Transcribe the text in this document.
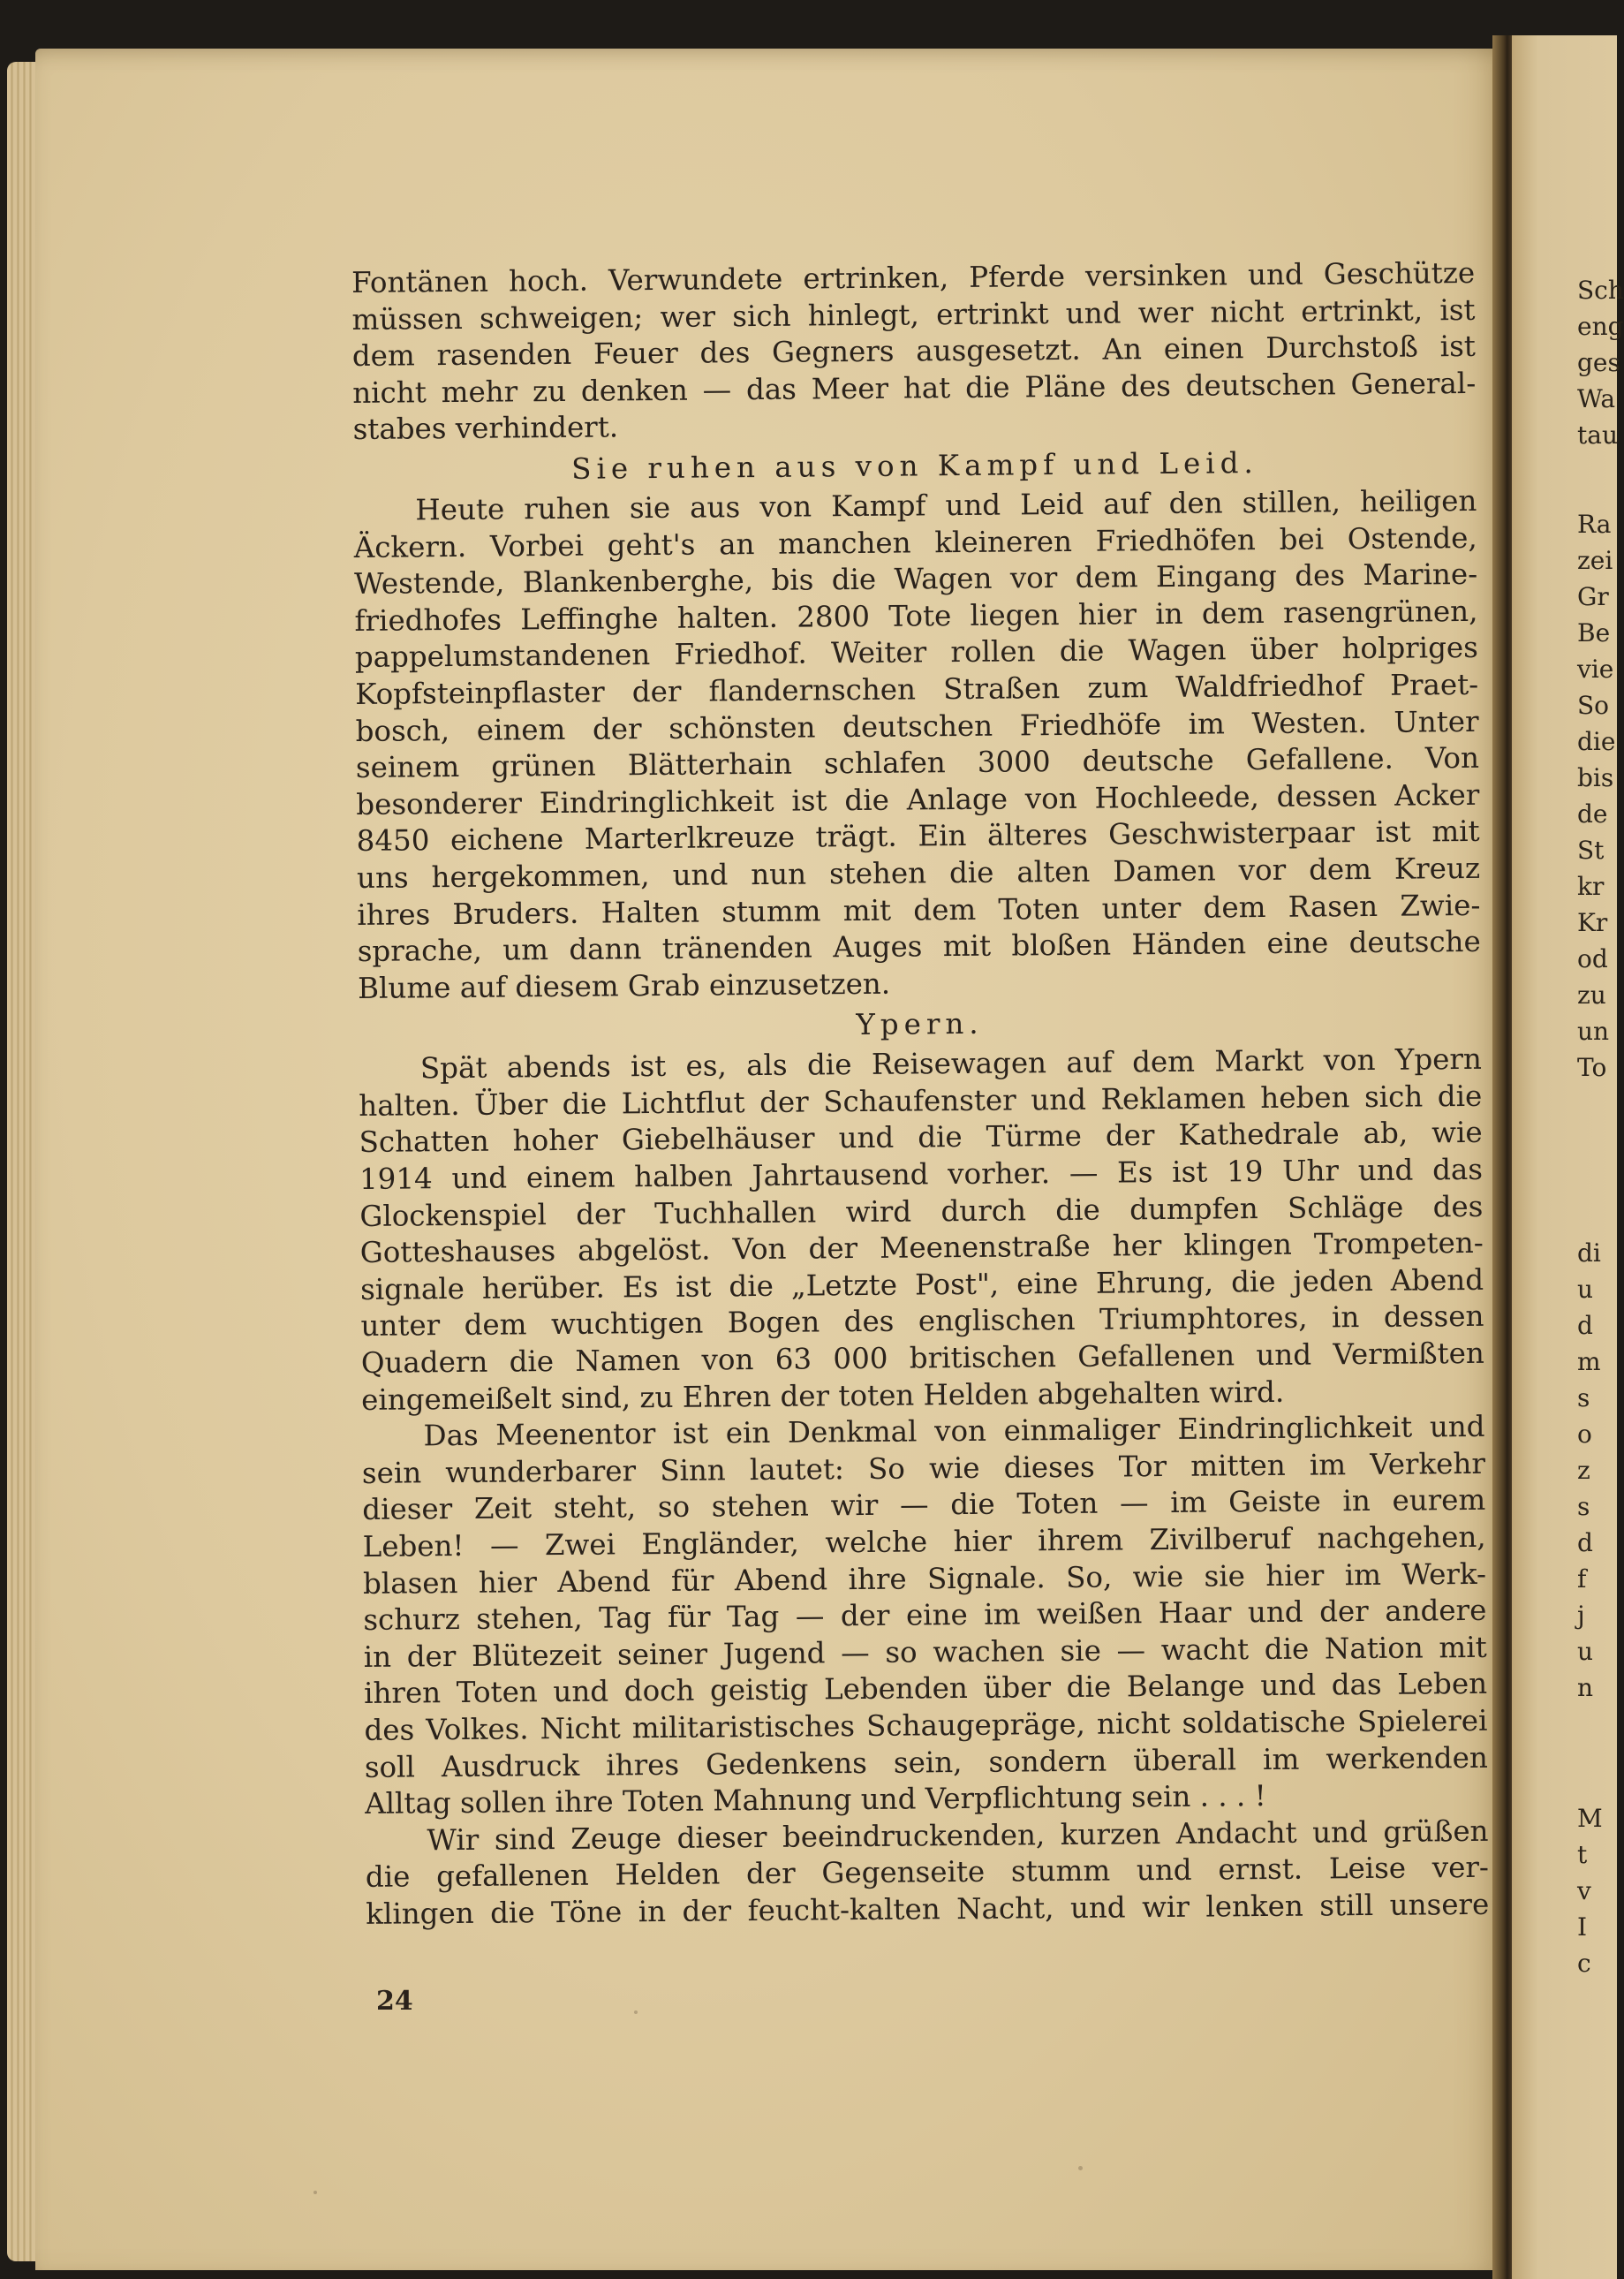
Sch
eng
ges
Wa
tau
Ra
zei
Gr
Be
vie
So
die
bis
de
St
kr
Kr
od
zu
un
To
di
u
d
m
s
o
z
s
d
f
j
u
n
M
t
v
I
c
Fontänen hoch. Verwundete ertrinken, Pferde versinken und Geschütze
müssen schweigen; wer sich hinlegt, ertrinkt und wer nicht ertrinkt, ist
dem rasenden Feuer des Gegners ausgesetzt. An einen Durchstoß ist
nicht mehr zu denken — das Meer hat die Pläne des deutschen General-
stabes verhindert.
Sie ruhen aus von Kampf und Leid.
Heute ruhen sie aus von Kampf und Leid auf den stillen, heiligen
Äckern. Vorbei geht's an manchen kleineren Friedhöfen bei Ostende,
Westende, Blankenberghe, bis die Wagen vor dem Eingang des Marine-
friedhofes Leffinghe halten. 2800 Tote liegen hier in dem rasengrünen,
pappelumstandenen Friedhof. Weiter rollen die Wagen über holpriges
Kopfsteinpflaster der flandernschen Straßen zum Waldfriedhof Praet-
bosch, einem der schönsten deutschen Friedhöfe im Westen. Unter
seinem grünen Blätterhain schlafen 3000 deutsche Gefallene. Von
besonderer Eindringlichkeit ist die Anlage von Hochleede, dessen Acker
8450 eichene Marterlkreuze trägt. Ein älteres Geschwisterpaar ist mit
uns hergekommen, und nun stehen die alten Damen vor dem Kreuz
ihres Bruders. Halten stumm mit dem Toten unter dem Rasen Zwie-
sprache, um dann tränenden Auges mit bloßen Händen eine deutsche
Blume auf diesem Grab einzusetzen.
Ypern.
Spät abends ist es, als die Reisewagen auf dem Markt von Ypern
halten. Über die Lichtflut der Schaufenster und Reklamen heben sich die
Schatten hoher Giebelhäuser und die Türme der Kathedrale ab, wie
1914 und einem halben Jahrtausend vorher. — Es ist 19 Uhr und das
Glockenspiel der Tuchhallen wird durch die dumpfen Schläge des
Gotteshauses abgelöst. Von der Meenenstraße her klingen Trompeten-
signale herüber. Es ist die „Letzte Post", eine Ehrung, die jeden Abend
unter dem wuchtigen Bogen des englischen Triumphtores, in dessen
Quadern die Namen von 63 000 britischen Gefallenen und Vermißten
eingemeißelt sind, zu Ehren der toten Helden abgehalten wird.
Das Meenentor ist ein Denkmal von einmaliger Eindringlichkeit und
sein wunderbarer Sinn lautet: So wie dieses Tor mitten im Verkehr
dieser Zeit steht, so stehen wir — die Toten — im Geiste in eurem
Leben! — Zwei Engländer, welche hier ihrem Zivilberuf nachgehen,
blasen hier Abend für Abend ihre Signale. So, wie sie hier im Werk-
schurz stehen, Tag für Tag — der eine im weißen Haar und der andere
in der Blütezeit seiner Jugend — so wachen sie — wacht die Nation mit
ihren Toten und doch geistig Lebenden über die Belange und das Leben
des Volkes. Nicht militaristisches Schaugepräge, nicht soldatische Spielerei
soll Ausdruck ihres Gedenkens sein, sondern überall im werkenden
Alltag sollen ihre Toten Mahnung und Verpflichtung sein . . . !
Wir sind Zeuge dieser beeindruckenden, kurzen Andacht und grüßen
die gefallenen Helden der Gegenseite stumm und ernst. Leise ver-
klingen die Töne in der feucht-kalten Nacht, und wir lenken still unsere
24
